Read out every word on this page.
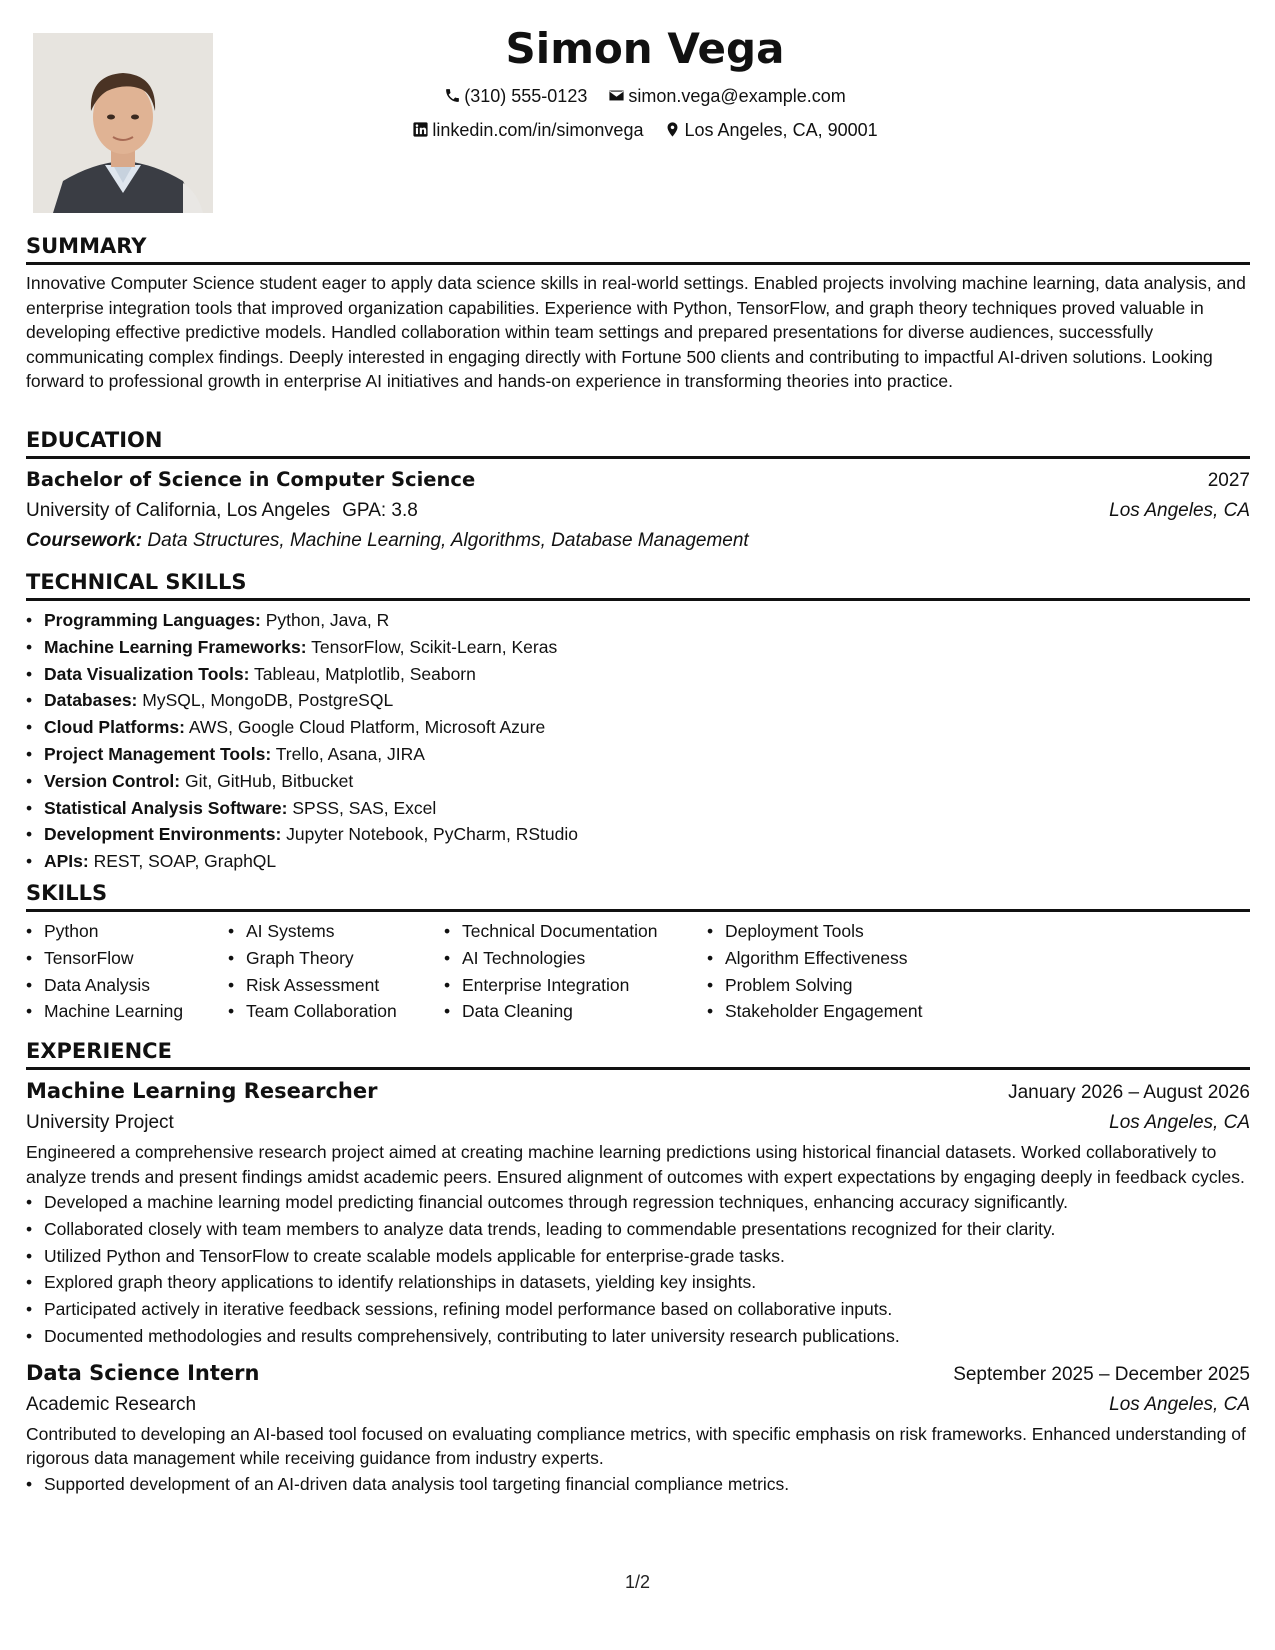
Simon Vega
(310) 555-0123 simon.vega@example.com
linkedin.com/in/simonvega Los Angeles, CA, 90001
SUMMARY

Innovative Computer Science student eager to apply data science skills in real-world settings. Enabled projects involving machine learning, data analysis, and enterprise integration tools that improved organization capabilities. Experience with Python, TensorFlow, and graph theory techniques proved valuable in developing effective predictive models. Handled collaboration within team settings and prepared presentations for diverse audiences, successfully communicating complex findings. Deeply interested in engaging directly with Fortune 500 clients and contributing to impactful AI-driven solutions. Looking forward to professional growth in enterprise AI initiatives and hands-on experience in transforming theories into practice.

EDUCATION
Bachelor of Science in Computer Science	2027
University of California, Los Angeles GPA: 3.8	Los Angeles, CA
Coursework: Data Structures, Machine Learning, Algorithms, Database Management
TECHNICAL SKILLS
• Programming Languages: Python, Java, R
• Machine Learning Frameworks: TensorFlow, Scikit-Learn, Keras
• Data Visualization Tools: Tableau, Matplotlib, Seaborn
• Databases: MySQL, MongoDB, PostgreSQL
• Cloud Platforms: AWS, Google Cloud Platform, Microsoft Azure
• Project Management Tools: Trello, Asana, JIRA
• Version Control: Git, GitHub, Bitbucket
• Statistical Analysis Software: SPSS, SAS, Excel
• Development Environments: Jupyter Notebook, PyCharm, RStudio
• APIs: REST, SOAP, GraphQL
SKILLS
• Python
• TensorFlow
• Data Analysis
• Machine Learning
• AI Systems
• Graph Theory
• Risk Assessment
• Team Collaboration
• Technical Documentation
• AI Technologies
• Enterprise Integration
• Data Cleaning
• Deployment Tools
• Algorithm Effectiveness
• Problem Solving
• Stakeholder Engagement
EXPERIENCE
Machine Learning Researcher	January 2026 – August 2026
University Project	Los Angeles, CA

Engineered a comprehensive research project aimed at creating machine learning predictions using historical financial datasets. Worked collaboratively to analyze trends and present findings amidst academic peers. Ensured alignment of outcomes with expert expectations by engaging deeply in feedback cycles.

• Developed a machine learning model predicting financial outcomes through regression techniques, enhancing accuracy significantly.
• Collaborated closely with team members to analyze data trends, leading to commendable presentations recognized for their clarity.
• Utilized Python and TensorFlow to create scalable models applicable for enterprise-grade tasks.
• Explored graph theory applications to identify relationships in datasets, yielding key insights.
• Participated actively in iterative feedback sessions, refining model performance based on collaborative inputs.
• Documented methodologies and results comprehensively, contributing to later university research publications.
Data Science Intern	September 2025 – December 2025
Academic Research	Los Angeles, CA

Contributed to developing an AI-based tool focused on evaluating compliance metrics, with specific emphasis on risk frameworks. Enhanced understanding of rigorous data management while receiving guidance from industry experts.

• Supported development of an AI-driven data analysis tool targeting financial compliance metrics.
1/2
